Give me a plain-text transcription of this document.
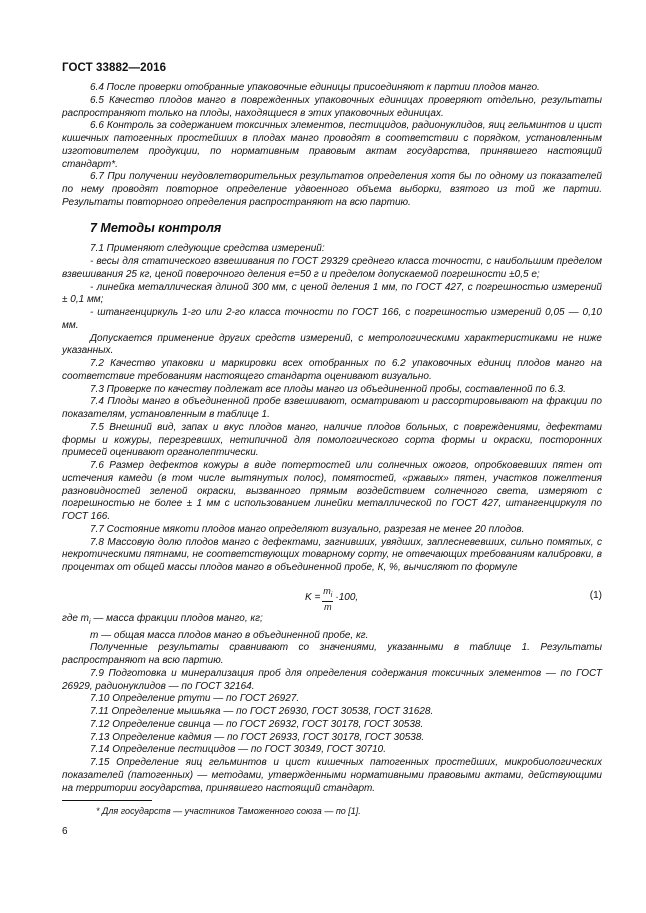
ГОСТ 33882—2016

6.4 После проверки отобранные упаковочные единицы присоединяют к партии плодов манго.

6.5 Качество плодов манго в поврежденных упаковочных единицах проверяют отдельно, результаты распространяют только на плоды, находящиеся в этих упаковочных единицах.

6.6 Контроль за содержанием токсичных элементов, пестицидов, радионуклидов, яиц гельминтов и цист кишечных патогенных простейших в плодах манго проводят в соответствии с порядком, установленным изготовителем продукции, по нормативным правовым актам государства, принявшего настоящий стандарт*.

6.7 При получении неудовлетворительных результатов определения хотя бы по одному из показателей по нему проводят повторное определение удвоенного объема выборки, взятого из той же партии. Результаты повторного определения распространяют на всю партию.

7 Методы контроля

7.1 Применяют следующие средства измерений:

- весы для статического взвешивания по ГОСТ 29329 среднего класса точности, с наибольшим пределом взвешивания 25 кг, ценой поверочного деления е=50 г и пределом допускаемой погрешности ±0,5 е;

- линейка металлическая длиной 300 мм, с ценой деления 1 мм, по ГОСТ 427, с погрешностью измерений ± 0,1 мм;

- штангенциркуль 1-го или 2-го класса точности по ГОСТ 166, с погрешностью измерений 0,05 — 0,10 мм.

Допускается применение других средств измерений, с метрологическими характеристиками не ниже указанных.

7.2 Качество упаковки и маркировки всех отобранных по 6.2 упаковочных единиц плодов манго на соответствие требованиям настоящего стандарта оценивают визуально.

7.3 Проверке по качеству подлежат все плоды манго из объединенной пробы, составленной по 6.3.

7.4 Плоды манго в объединенной пробе взвешивают, осматривают и рассортировывают на фракции по показателям, установленным в таблице 1.

7.5 Внешний вид, запах и вкус плодов манго, наличие плодов больных, с повреждениями, дефектами формы и кожуры, перезревших, нетипичной для помологического сорта формы и окраски, посторонних примесей оценивают органолептически.

7.6 Размер дефектов кожуры в виде потертостей или солнечных ожогов, опробковевших пятен от истечения камеди (в том числе вытянутых полос), помятостей, «ржавых» пятен, участков пожелтения разновидностей зеленой окраски, вызванного прямым воздействием солнечного света, измеряют с погрешностью не более ± 1 мм с использованием линейки металлической по ГОСТ 427, штангенциркуля по ГОСТ 166.

7.7 Состояние мякоти плодов манго определяют визуально, разрезая не менее 20 плодов.

7.8 Массовую долю плодов манго с дефектами, загнивших, увядших, заплесневевших, сильно помятых, с некротическими пятнами, не соответствующих товарному сорту, не отвечающих требованиям калибровки, в процентах от общей массы плодов манго в объединенной пробе, К, %, вычисляют по формуле

$K = \frac{m_i}{m} \cdot 100$,	(1)

где $m_i$ — масса фракции плодов манго, кг;

m — общая масса плодов манго в объединенной пробе, кг.

Полученные результаты сравнивают со значениями, указанными в таблице 1. Результаты распространяют на всю партию.

7.9 Подготовка и минерализация проб для определения содержания токсичных элементов — по ГОСТ 26929, радионуклидов — по ГОСТ 32164.

7.10 Определение ртути — по ГОСТ 26927.

7.11 Определение мышьяка — по ГОСТ 26930, ГОСТ 30538, ГОСТ 31628.

7.12 Определение свинца — по ГОСТ 26932, ГОСТ 30178, ГОСТ 30538.

7.13 Определение кадмия — по ГОСТ 26933, ГОСТ 30178, ГОСТ 30538.

7.14 Определение пестицидов — по ГОСТ 30349, ГОСТ 30710.

7.15 Определение яиц гельминтов и цист кишечных патогенных простейших, микробиологических показателей (патогенных) — методами, утвержденными нормативными правовыми актами, действующими на территории государства, принявшего настоящий стандарт.

* Для государств — участников Таможенного союза — по [1].
6
